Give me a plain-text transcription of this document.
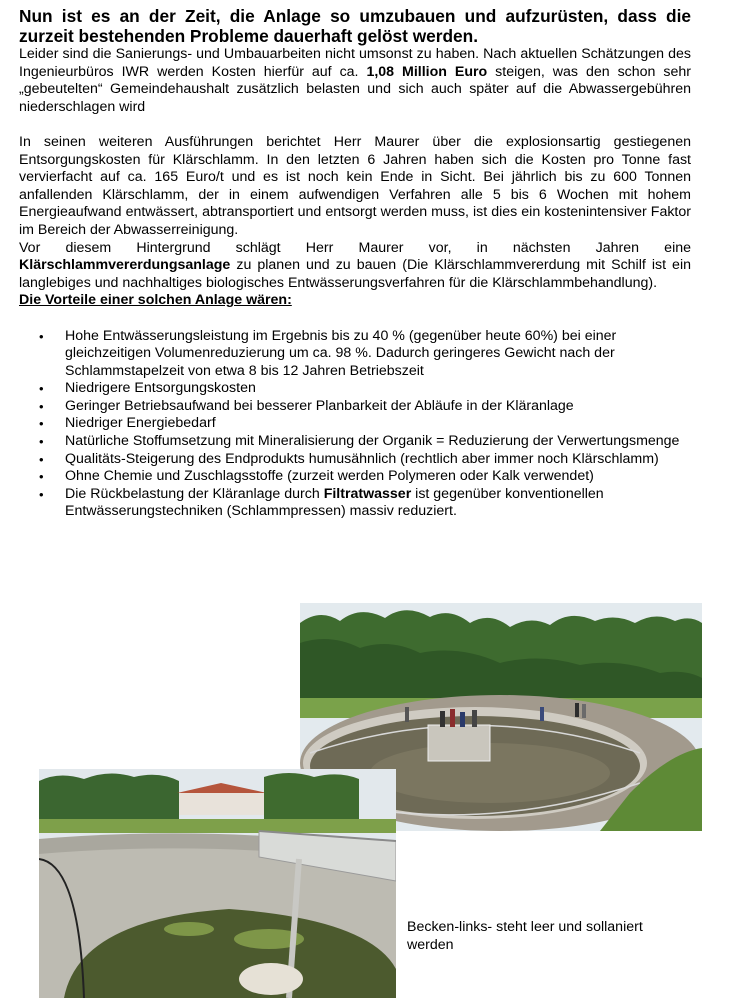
Nun ist es an der Zeit, die Anlage so umzubauen und aufzurüsten, dass die zurzeit bestehenden Probleme dauerhaft gelöst werden.

Leider sind die Sanierungs- und Umbauarbeiten nicht umsonst zu haben. Nach aktuellen Schätzungen des Ingenieurbüros IWR werden Kosten hierfür auf ca. 1,08 Million Euro steigen, was den schon sehr „gebeutelten“ Gemeindehaushalt zusätzlich belasten und sich auch später auf die Abwassergebühren niederschlagen wird

In seinen weiteren Ausführungen berichtet Herr Maurer über die explosionsartig gestiegenen Entsorgungskosten für Klärschlamm. In den letzten 6 Jahren haben sich die Kosten pro Tonne fast vervierfacht auf ca. 165 Euro/t und es ist noch kein Ende in Sicht. Bei jährlich bis zu 600 Tonnen anfallenden Klärschlamm, der in einem aufwendigen Verfahren alle 5 bis 6 Wochen mit hohem Energieaufwand entwässert, abtransportiert und entsorgt werden muss, ist dies ein kostenintensiver Faktor im Bereich der Abwasserreinigung.

Vor diesem Hintergrund schlägt Herr Maurer vor, in nächsten Jahren eine Klärschlammvererdungsanlage zu planen und zu bauen (Die Klärschlammvererdung mit Schilf ist ein langlebiges und nachhaltiges biologisches Entwässerungsverfahren für die Klärschlammbehandlung).

Die Vorteile einer solchen Anlage wären:
• Hohe Entwässerungsleistung im Ergebnis bis zu 40 % (gegenüber heute 60%) bei einer gleichzeitigen Volumenreduzierung um ca. 98 %. Dadurch geringeres Gewicht nach der Schlammstapelzeit von etwa 8 bis 12 Jahren Betriebszeit
• Niedrigere Entsorgungskosten
• Geringer Betriebsaufwand bei besserer Planbarkeit der Abläufe in der Kläranlage
• Niedriger Energiebedarf
• Natürliche Stoffumsetzung mit Mineralisierung der Organik = Reduzierung der Verwertungsmenge
• Qualitäts-Steigerung des Endprodukts humusähnlich (rechtlich aber immer noch Klärschlamm)
• Ohne Chemie und Zuschlagsstoffe (zurzeit werden Polymeren oder Kalk verwendet)
• Die Rückbelastung der Kläranlage durch Filtratwasser ist gegenüber konventionellen Entwässerungstechniken (Schlammpressen) massiv reduziert.
Becken-links- steht leer und sollaniert werden
